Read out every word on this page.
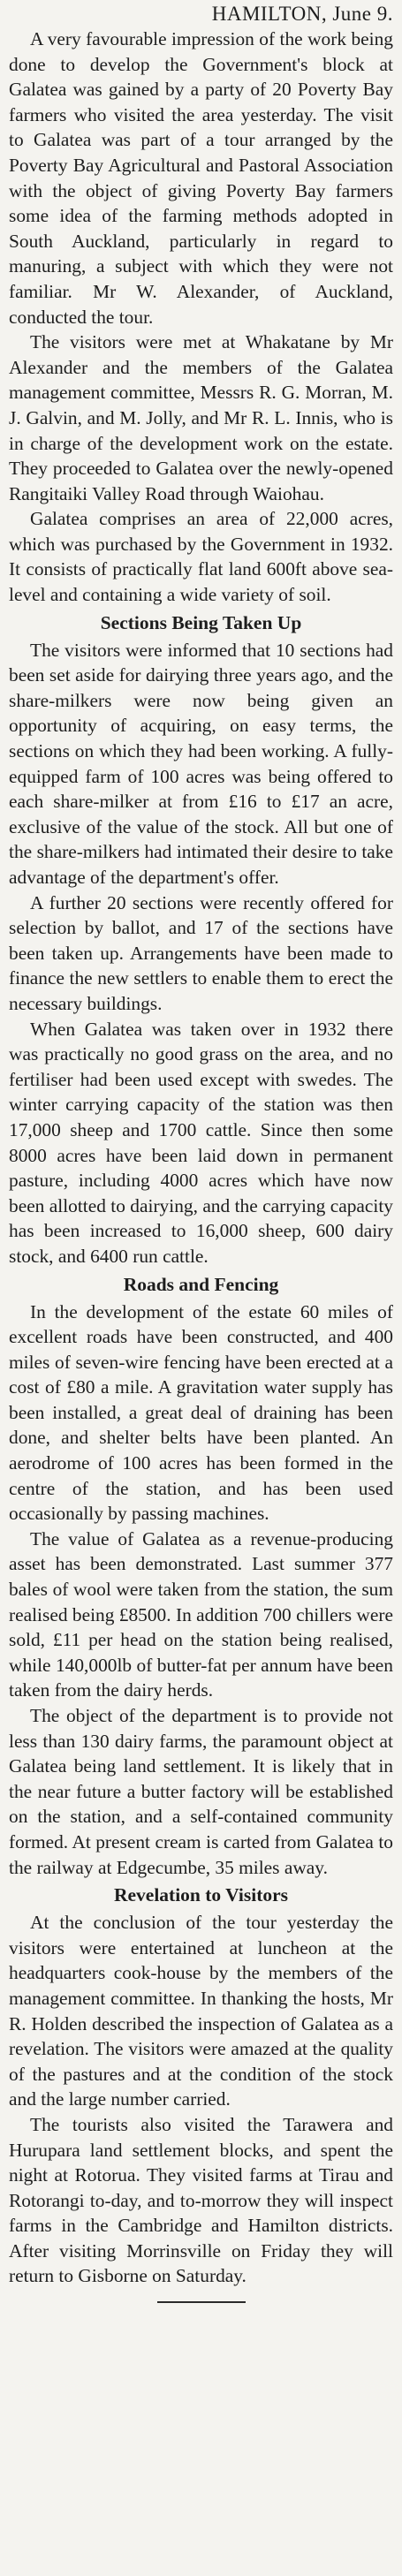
HAMILTON, June 9.

A very favourable impression of the work being done to develop the Government's block at Galatea was gained by a party of 20 Poverty Bay farmers who visited the area yesterday. The visit to Galatea was part of a tour arranged by the Poverty Bay Agricultural and Pastoral Association with the object of giving Poverty Bay farmers some idea of the farming methods adopted in South Auckland, particularly in regard to manuring, a subject with which they were not familiar. Mr W. Alexander, of Auckland, conducted the tour.

The visitors were met at Whakatane by Mr Alexander and the members of the Galatea management committee, Messrs R. G. Morran, M. J. Galvin, and M. Jolly, and Mr R. L. Innis, who is in charge of the development work on the estate. They proceeded to Galatea over the newly-opened Rangitaiki Valley Road through Waiohau.

Galatea comprises an area of 22,000 acres, which was purchased by the Government in 1932. It consists of practically flat land 600ft above sea-level and containing a wide variety of soil.

Sections Being Taken Up

The visitors were informed that 10 sections had been set aside for dairying three years ago, and the share-milkers were now being given an opportunity of acquiring, on easy terms, the sections on which they had been working. A fully-equipped farm of 100 acres was being offered to each share-milker at from £16 to £17 an acre, exclusive of the value of the stock. All but one of the share-milkers had intimated their desire to take advantage of the department's offer.

A further 20 sections were recently offered for selection by ballot, and 17 of the sections have been taken up. Arrangements have been made to finance the new settlers to enable them to erect the necessary buildings.

When Galatea was taken over in 1932 there was practically no good grass on the area, and no fertiliser had been used except with swedes. The winter carrying capacity of the station was then 17,000 sheep and 1700 cattle. Since then some 8000 acres have been laid down in permanent pasture, including 4000 acres which have now been allotted to dairying, and the carrying capacity has been increased to 16,000 sheep, 600 dairy stock, and 6400 run cattle.

Roads and Fencing

In the development of the estate 60 miles of excellent roads have been constructed, and 400 miles of seven-wire fencing have been erected at a cost of £80 a mile. A gravitation water supply has been installed, a great deal of draining has been done, and shelter belts have been planted. An aerodrome of 100 acres has been formed in the centre of the station, and has been used occasionally by passing machines.

The value of Galatea as a revenue-producing asset has been demonstrated. Last summer 377 bales of wool were taken from the station, the sum realised being £8500. In addition 700 chillers were sold, £11 per head on the station being realised, while 140,000lb of butter-fat per annum have been taken from the dairy herds.

The object of the department is to provide not less than 130 dairy farms, the paramount object at Galatea being land settlement. It is likely that in the near future a butter factory will be established on the station, and a self-contained community formed. At present cream is carted from Galatea to the railway at Edgecumbe, 35 miles away.

Revelation to Visitors

At the conclusion of the tour yesterday the visitors were entertained at luncheon at the headquarters cook-house by the members of the management committee. In thanking the hosts, Mr R. Holden described the inspection of Galatea as a revelation. The visitors were amazed at the quality of the pastures and at the condition of the stock and the large number carried.

The tourists also visited the Tarawera and Hurupara land settlement blocks, and spent the night at Rotorua. They visited farms at Tirau and Rotorangi to-day, and to-morrow they will inspect farms in the Cambridge and Hamilton districts. After visiting Morrinsville on Friday they will return to Gisborne on Saturday.
